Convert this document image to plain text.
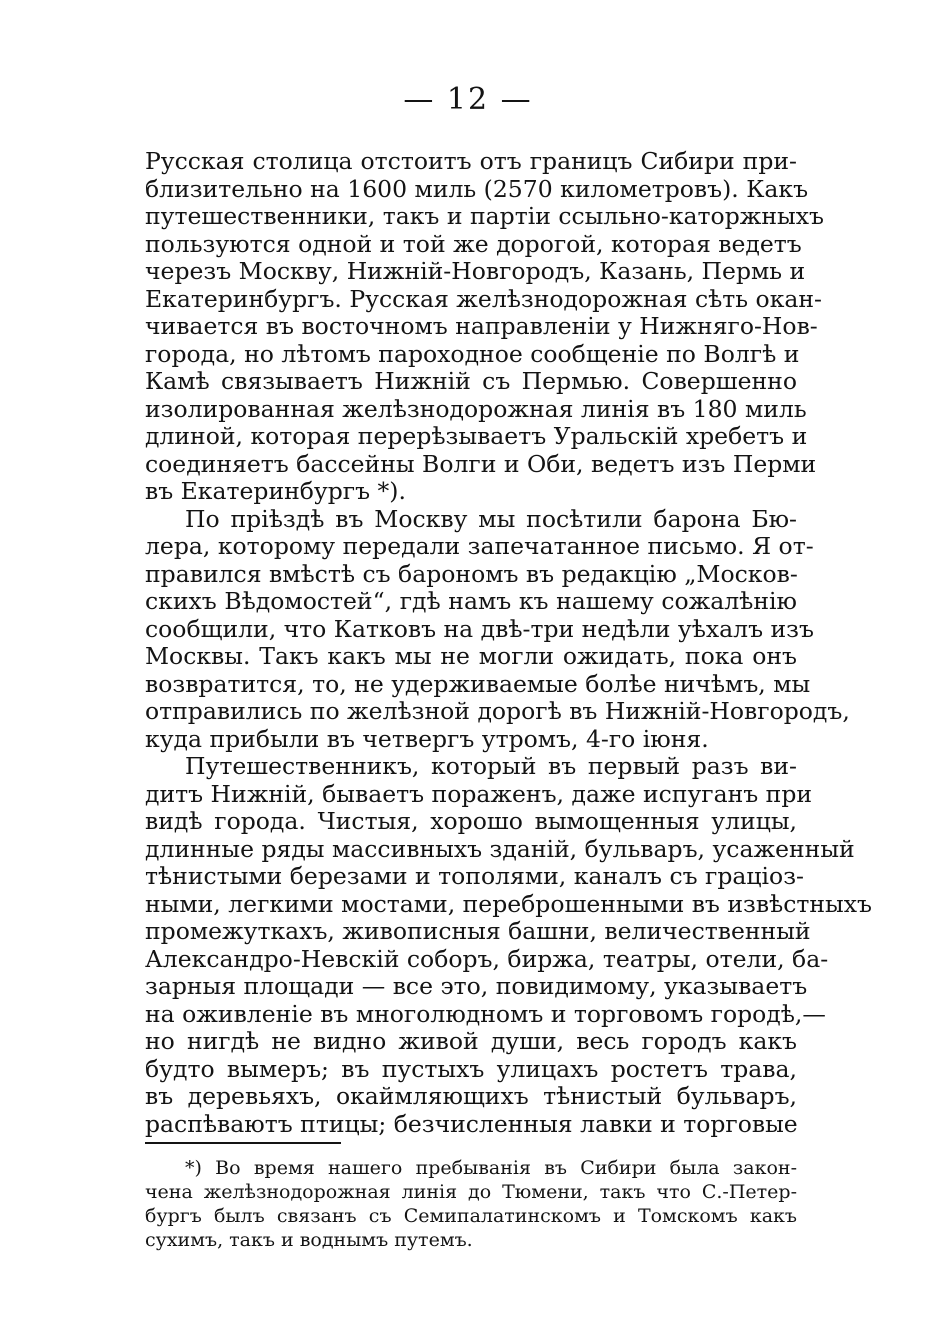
— 12 —
Русская столица отстоитъ отъ границъ Сибири при-
близительно на 1600 миль (2570 километровъ). Какъ
путешественники, такъ и партіи ссыльно-каторжныхъ
пользуются одной и той же дорогой, которая ведетъ
черезъ Москву, Нижній-Новгородъ, Казань, Пермь и
Екатеринбургъ. Русская желѣзнодорожная сѣть окан-
чивается въ восточномъ направленіи у Нижняго-Нов-
города, но лѣтомъ пароходное сообщеніе по Волгѣ и
Камѣ связываетъ Нижній съ Пермью. Совершенно
изолированная желѣзнодорожная линія въ 180 миль
длиной, которая перерѣзываетъ Уральскій хребетъ и
соединяетъ бассейны Волги и Оби, ведетъ изъ Перми
въ Екатеринбургъ *).
По пріѣздѣ въ Москву мы посѣтили барона Бю-
лера, которому передали запечатанное письмо. Я от-
правился вмѣстѣ съ барономъ въ редакцію „Москов-
скихъ Вѣдомостей“, гдѣ намъ къ нашему сожалѣнію
сообщили, что Катковъ на двѣ-три недѣли уѣхалъ изъ
Москвы. Такъ какъ мы не могли ожидать, пока онъ
возвратится, то, не удерживаемые болѣе ничѣмъ, мы
отправились по желѣзной дорогѣ въ Нижній-Новгородъ,
куда прибыли въ четвергъ утромъ, 4-го іюня.
Путешественникъ, который въ первый разъ ви-
дитъ Нижній, бываетъ пораженъ, даже испуганъ при
видѣ города. Чистыя, хорошо вымощенныя улицы,
длинные ряды массивныхъ зданій, бульваръ, усаженный
тѣнистыми березами и тополями, каналъ съ граціоз-
ными, легкими мостами, переброшенными въ извѣстныхъ
промежуткахъ, живописныя башни, величественный
Александро-Невскій соборъ, биржа, театры, отели, ба-
зарныя площади — все это, повидимому, указываетъ
на оживленіе въ многолюдномъ и торговомъ городѣ,—
но нигдѣ не видно живой души, весь городъ какъ
будто вымеръ; въ пустыхъ улицахъ ростетъ трава,
въ деревьяхъ, окаймляющихъ тѣнистый бульваръ,
распѣваютъ птицы; безчисленныя лавки и торговые
*) Во время нашего пребыванія въ Сибири была закон-
чена желѣзнодорожная линія до Тюмени, такъ что С.-Петер-
бургъ былъ связанъ съ Семипалатинскомъ и Томскомъ какъ
сухимъ, такъ и воднымъ путемъ.
